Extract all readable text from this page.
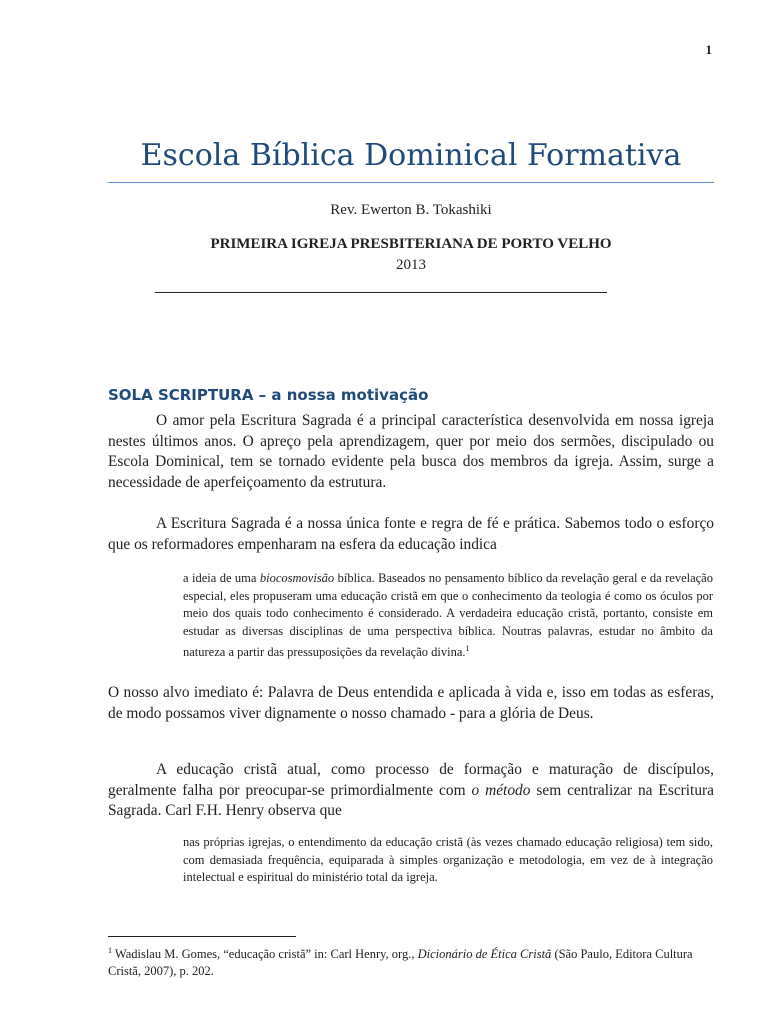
1
Escola Bíblica Dominical Formativa
Rev. Ewerton B. Tokashiki
PRIMEIRA IGREJA PRESBITERIANA DE PORTO VELHO
2013
SOLA SCRIPTURA – a nossa motivação

O amor pela Escritura Sagrada é a principal característica desenvolvida em nossa igreja nestes últimos anos. O apreço pela aprendizagem, quer por meio dos sermões, discipulado ou Escola Dominical, tem se tornado evidente pela busca dos membros da igreja. Assim, surge a necessidade de aperfeiçoamento da estrutura.

A Escritura Sagrada é a nossa única fonte e regra de fé e prática. Sabemos todo o esforço que os reformadores empenharam na esfera da educação indica

a ideia de uma biocosmovisão bíblica. Baseados no pensamento bíblico da revelação geral e da revelação especial, eles propuseram uma educação cristã em que o conhecimento da teologia é como os óculos por meio dos quais todo conhecimento é considerado. A verdadeira educação cristã, portanto, consiste em estudar as diversas disciplinas de uma perspectiva bíblica. Noutras palavras, estudar no âmbito da natureza a partir das pressuposições da revelação divina.$^1$

O nosso alvo imediato é: Palavra de Deus entendida e aplicada à vida e, isso em todas as esferas, de modo possamos viver dignamente o nosso chamado - para a glória de Deus.

A educação cristã atual, como processo de formação e maturação de discípulos, geralmente falha por preocupar-se primordialmente com o método sem centralizar na Escritura Sagrada. Carl F.H. Henry observa que

nas próprias igrejas, o entendimento da educação cristã (às vezes chamado educação religiosa) tem sido, com demasiada frequência, equiparada à simples organização e metodologia, em vez de à integração intelectual e espiritual do ministério total da igreja.

$^1$ Wadislau M. Gomes, “educação cristã” in: Carl Henry, org., Dicionário de Ética Cristã (São Paulo, Editora Cultura Cristã, 2007), p. 202.
